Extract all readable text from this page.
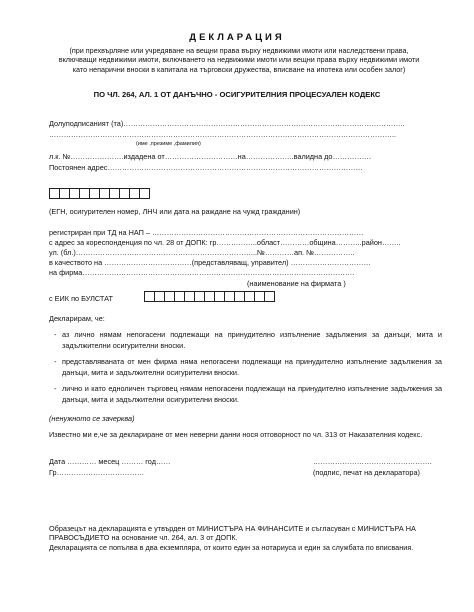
ДЕКЛАРАЦИЯ
(при прехвърляне или учредяване на вещни права върху недвижими имоти или наследствени права, включващи недвижими имоти, включването на недвижими имоти или вещни права върху недвижими имоти като непарични вноски в капитала на търговски дружества, вписване на ипотека или особен залог)
ПО ЧЛ. 264, АЛ. 1 ОТ ДАНЪЧНО - ОСИГУРИТЕЛНИЯ ПРОЦЕСУАЛЕН КОДЕКС
Долуподписаният (та)……………………………………………………………………………………………………..
……………………………………………………………………………………………………………………………..
(име ,презиме ,фамилия)
л.к. №………………….издадена от…………………………на………………..валидна до…………….
Постоянен адрес……………………………………………………………………………………………
(ЕГН, осигурителен номер, ЛНЧ или дата на раждане на чужд гражданин)
регистриран при ТД на НАП – ……………………………………………………………………………
с адрес за кореспонденция по чл. 28 от ДОПК: гр……………..област…………община………..район……..
ул. (бл.)………………………………………………………………...№…………ап. №……………..
в качеството на ………………………………(представляващ, управител) ……………………………
на фирма………………………………………………………………………………………………….
(наименование на фирмата )
с ЕИК по БУЛСТАТ
Декларирам, че:
- аз лично нямам непогасени подлежащи на принудително изпълнение задължения за данъци, мита и задължителни осигурителни вноски.
- представляваната от мен фирма няма непогасени подлежащи на принудително изпълнение задължения за данъци, мита и задължителни осигурителни вноски.
- лично и като едноличен търговец нямам непогасени подлежащи на принудително изпълнение задължения за данъци, мита и задължителни осигурителни вноски.
(ненужното се зачерква)
Известно ми е,че за деклариране от мен неверни данни нося отговорност по чл. 313 от Наказателния кодекс.
Дата ………… месец ……… год……
Гр………………………………
………………………………………….
(подпис, печат на декларатора)
Образецът на декларацията е утвърден от МИНИСТЪРА НА ФИНАНСИТЕ и съгласуван с МИНИСТЪРА НА ПРАВОСЪДИЕТО на основание чл. 264, ал. 3 от ДОПК.
Декларацията се попълва в два екземпляра, от които един за нотариуса и един за службата по вписвания.
